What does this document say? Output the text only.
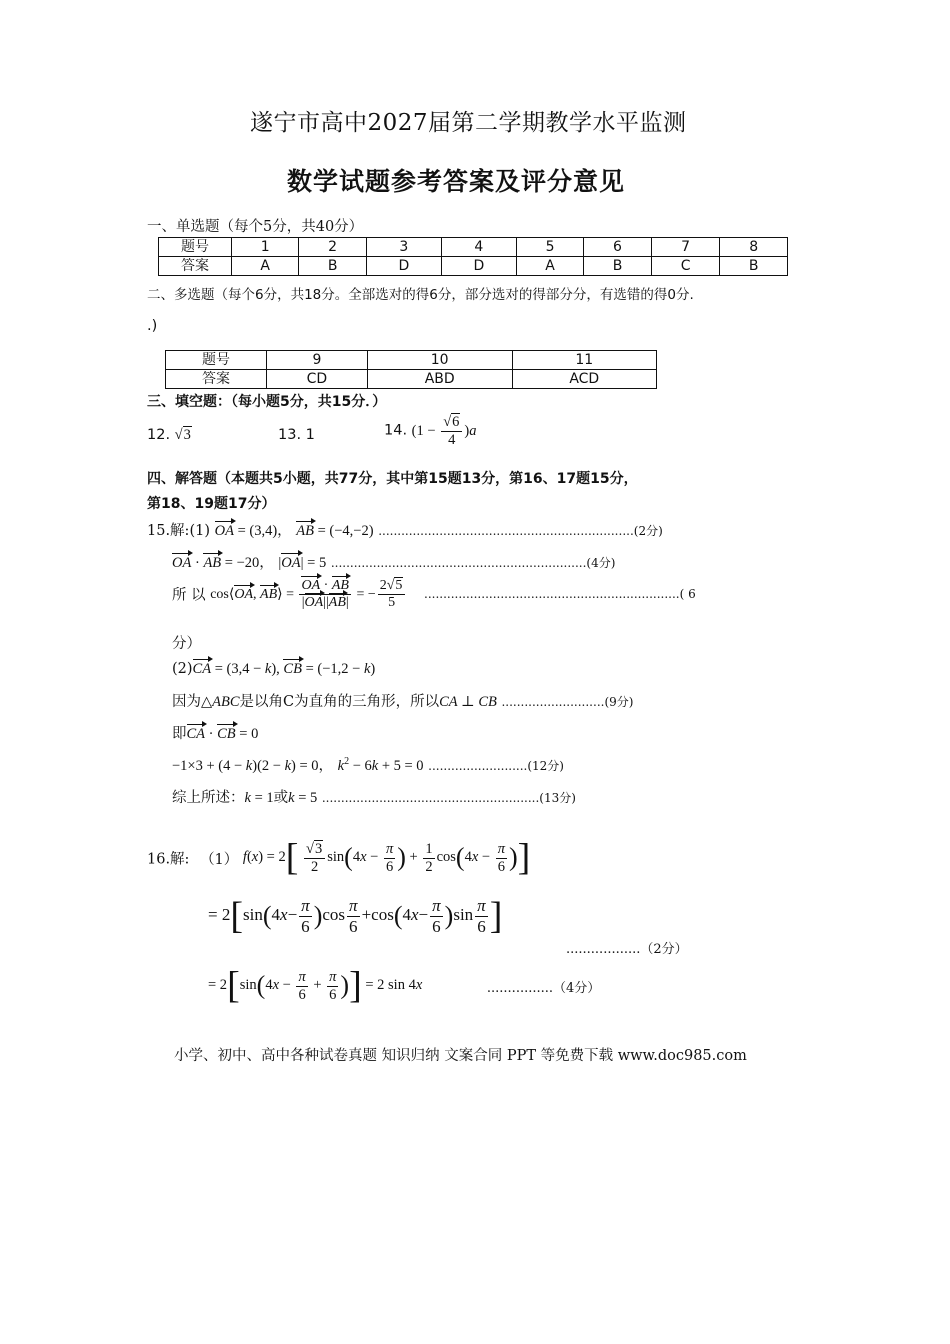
遂宁市高中2027届第二学期教学水平监测
数学试题参考答案及评分意见
一、单选题（每个5分，共40分）
题号	1	2	3	4	5	6	7	8
答案	A	B	D	D	A	B	C	B
二、多选题（每个6分，共18分。全部选对的得6分，部分选对的得部分分，有选错的得0分.
.)
题号	9	10	11
答案	CD	ABD	ACD
三、填空题：（每小题5分，共15分．）
12. √3	13. 1	14. $(1 - \frac{√6}{4} )a$
四、解答题（本题共5小题，共77分，其中第15题13分，第16、17题15分，
第18、19题17分）
15.解:(1) OA = (3,4)， AB = (−4,−2) ...................................................................(2分)
OA · AB = −20， |OA| = 5 ...................................................................(4分)
所 以 cos⟨OA, AB⟩ = $\frac{OA \cdot AB}{|OA||AB|}$ = − $\frac{2√5}{5}$ ...................................................................( 6
分）
(2)CA = (3,4 − k), CB = (−1,2 − k)
因为△ABC是以角C为直角的三角形，所以CA ⊥ CB ...........................(9分)
即CA · CB = 0
−1×3 + (4 − k)(2 − k) = 0， $k^2 - 6k + 5 = 0$ ..........................(12分)
综上所述：k = 1或k = 5 .........................................................(13分)
16.解: （1） $f(x) = 2[ \frac{√3}{2} \sin(4x - \frac{\pi}{6}$ ) + $\frac{1}{2} \cos(4x - \frac{\pi}{6}$ )]
= $2[\sin(4x- \frac{\pi}{6} )\cos \frac{\pi}{6} +\cos(4x- \frac{\pi}{6} )\sin \frac{\pi}{6}$ ]
..................（2分）
= $2[\sin(4x - \frac{\pi}{6} + \frac{\pi}{6}$ )] = 2 sin 4x	................（4分）
小学、初中、高中各种试卷真题 知识归纳 文案合同 PPT 等免费下载 www.doc985.com
